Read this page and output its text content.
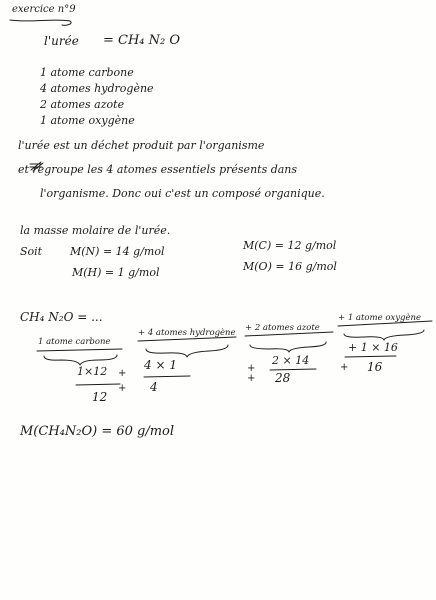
exercice n°9
l'urée = CH₄ N₂ O
1 atome carbone
4 atomes hydrogène
2 atomes azote
1 atome oxygène
l'urée est un déchet produit par l'organisme
et regroupe les 4 atomes essentiels présents dans
l'organisme. Donc oui c'est un composé organique.
la masse molaire de l'urée.
Soit	M(N) = 14 g/mol
M(H) = 1 g/mol
M(C) = 12 g/mol
M(O) = 16 g/mol
CH₄ N₂O = ...
1 atome carbone
+ 4 atomes hydrogène + 2 atomes azote
+ 1 atome oxygène
1×12 +
4 × 1	+
2 × 14
+ 1 × 16
12
+ 4
+ 28
+ 16
M(CH₄N₂O) = 60 g/mol
